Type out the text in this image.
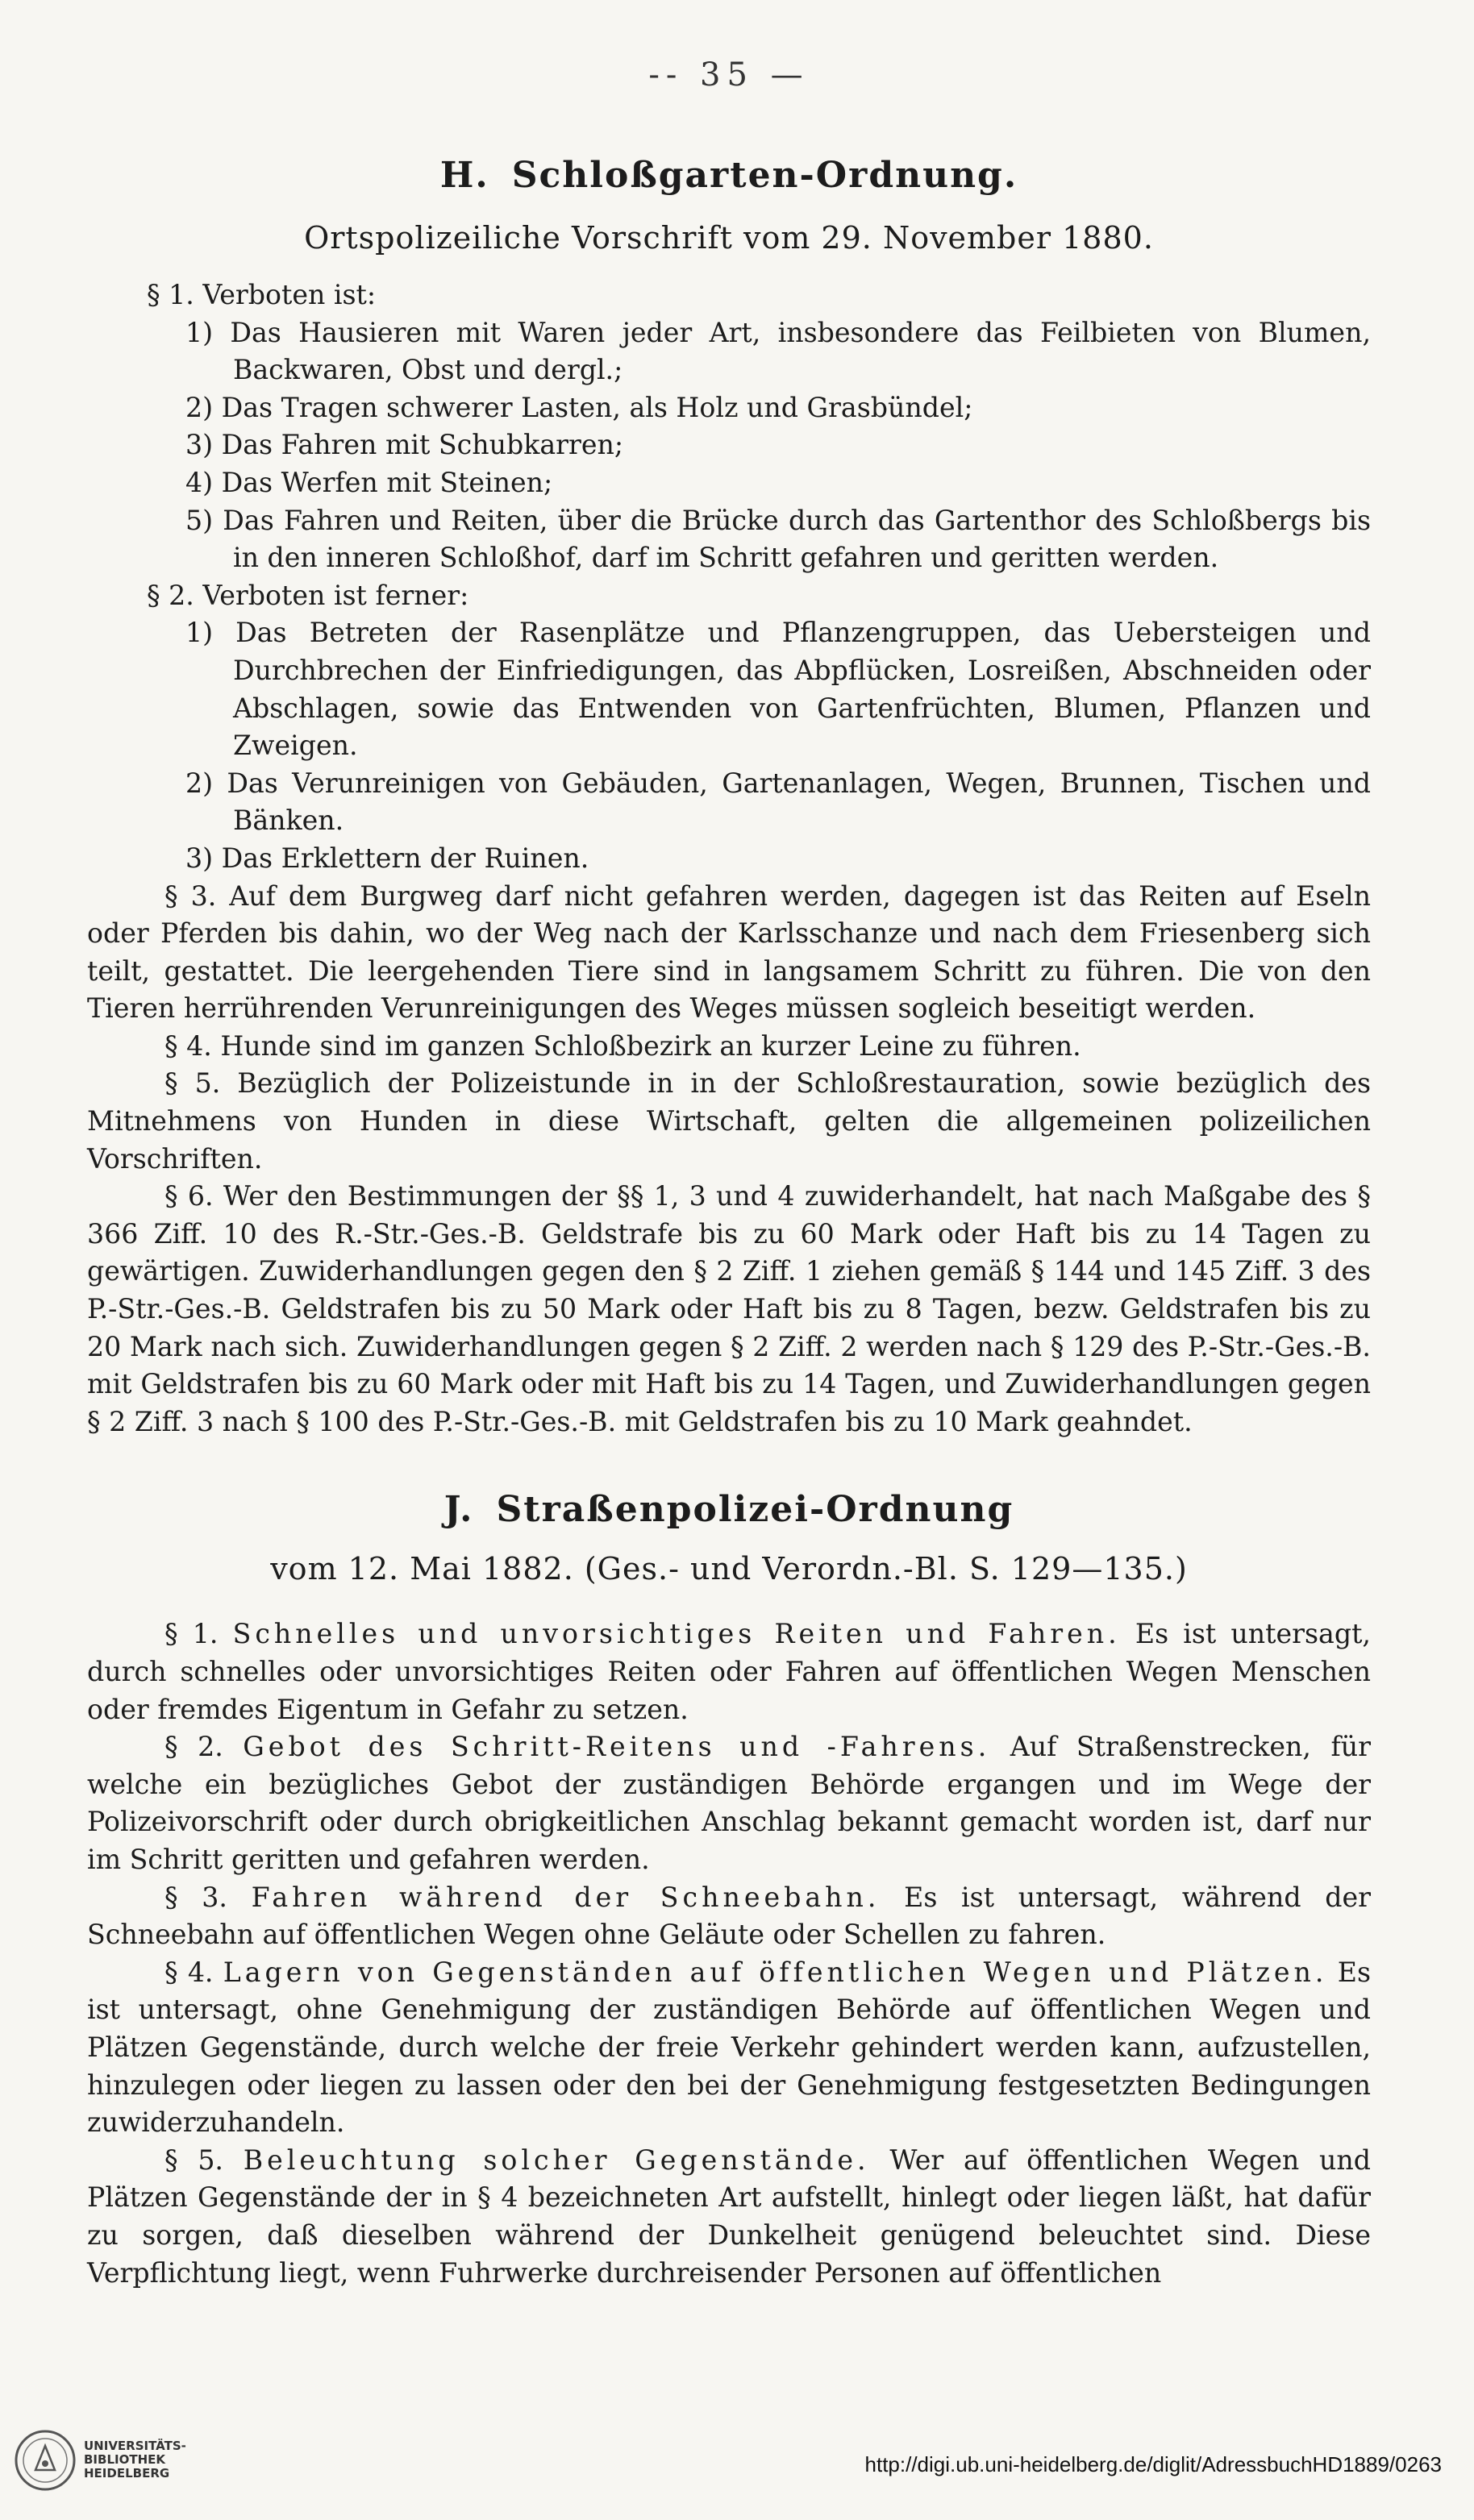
-- 35 —
H. Schloßgarten-Ordnung.
Ortspolizeiliche Vorschrift vom 29. November 1880.

§ 1. Verboten ist:

1) Das Hausieren mit Waren jeder Art, insbesondere das Feilbieten von Blumen, Backwaren, Obst und dergl.;

2) Das Tragen schwerer Lasten, als Holz und Grasbündel;

3) Das Fahren mit Schubkarren;

4) Das Werfen mit Steinen;

5) Das Fahren und Reiten, über die Brücke durch das Gartenthor des Schloßbergs bis in den inneren Schloßhof, darf im Schritt gefahren und geritten werden.

§ 2. Verboten ist ferner:

1) Das Betreten der Rasenplätze und Pflanzengruppen, das Uebersteigen und Durchbrechen der Einfriedigungen, das Abpflücken, Losreißen, Abschneiden oder Abschlagen, sowie das Entwenden von Gartenfrüchten, Blumen, Pflanzen und Zweigen.

2) Das Verunreinigen von Gebäuden, Gartenanlagen, Wegen, Brunnen, Tischen und Bänken.

3) Das Erklettern der Ruinen.

§ 3. Auf dem Burgweg darf nicht gefahren werden, dagegen ist das Reiten auf Eseln oder Pferden bis dahin, wo der Weg nach der Karlsschanze und nach dem Friesenberg sich teilt, gestattet. Die leergehenden Tiere sind in langsamem Schritt zu führen. Die von den Tieren herrührenden Verunreinigungen des Weges müssen sogleich beseitigt werden.

§ 4. Hunde sind im ganzen Schloßbezirk an kurzer Leine zu führen.

§ 5. Bezüglich der Polizeistunde in in der Schloßrestauration, sowie bezüglich des Mitnehmens von Hunden in diese Wirtschaft, gelten die allgemeinen polizeilichen Vorschriften.

§ 6. Wer den Bestimmungen der §§ 1, 3 und 4 zuwiderhandelt, hat nach Maßgabe des § 366 Ziff. 10 des R.-Str.-Ges.-B. Geldstrafe bis zu 60 Mark oder Haft bis zu 14 Tagen zu gewärtigen. Zuwiderhandlungen gegen den § 2 Ziff. 1 ziehen gemäß § 144 und 145 Ziff. 3 des P.-Str.-Ges.-B. Geldstrafen bis zu 50 Mark oder Haft bis zu 8 Tagen, bezw. Geldstrafen bis zu 20 Mark nach sich. Zuwiderhandlungen gegen § 2 Ziff. 2 werden nach § 129 des P.-Str.-Ges.-B. mit Geldstrafen bis zu 60 Mark oder mit Haft bis zu 14 Tagen, und Zuwiderhandlungen gegen § 2 Ziff. 3 nach § 100 des P.-Str.-Ges.-B. mit Geldstrafen bis zu 10 Mark geahndet.

J. Straßenpolizei-Ordnung
vom 12. Mai 1882. (Ges.- und Verordn.-Bl. S. 129—135.)

§ 1. Schnelles und unvorsichtiges Reiten und Fahren. Es ist untersagt, durch schnelles oder unvorsichtiges Reiten oder Fahren auf öffentlichen Wegen Menschen oder fremdes Eigentum in Gefahr zu setzen.

§ 2. Gebot des Schritt-Reitens und -Fahrens. Auf Straßenstrecken, für welche ein bezügliches Gebot der zuständigen Behörde ergangen und im Wege der Polizeivorschrift oder durch obrigkeitlichen Anschlag bekannt gemacht worden ist, darf nur im Schritt geritten und gefahren werden.

§ 3. Fahren während der Schneebahn. Es ist untersagt, während der Schneebahn auf öffentlichen Wegen ohne Geläute oder Schellen zu fahren.

§ 4. Lagern von Gegenständen auf öffentlichen Wegen und Plätzen. Es ist untersagt, ohne Genehmigung der zuständigen Behörde auf öffentlichen Wegen und Plätzen Gegenstände, durch welche der freie Verkehr gehindert werden kann, aufzustellen, hinzulegen oder liegen zu lassen oder den bei der Genehmigung festgesetzten Bedingungen zuwiderzuhandeln.

§ 5. Beleuchtung solcher Gegenstände. Wer auf öffentlichen Wegen und Plätzen Gegenstände der in § 4 bezeichneten Art aufstellt, hinlegt oder liegen läßt, hat dafür zu sorgen, daß dieselben während der Dunkelheit genügend beleuchtet sind. Diese Verpflichtung liegt, wenn Fuhrwerke durchreisender Personen auf öffentlichen

UNIVERSITÄTS-
BIBLIOTHEK
HEIDELBERG	http://digi.ub.uni-heidelberg.de/diglit/AdressbuchHD1889/0263
